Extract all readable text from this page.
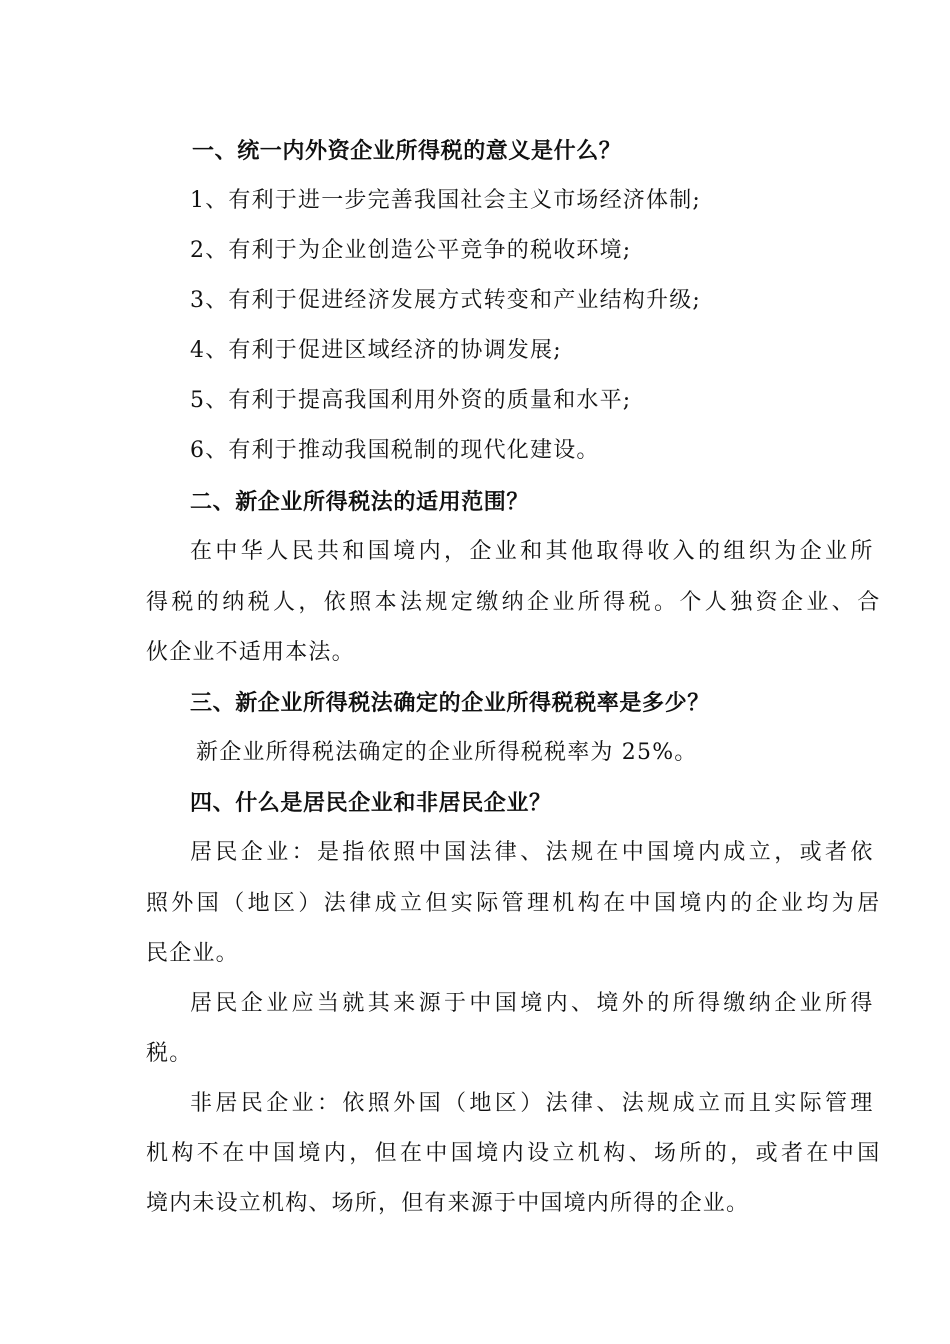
一、统一内外资企业所得税的意义是什么？
1、有利于进一步完善我国社会主义市场经济体制;
2、有利于为企业创造公平竞争的税收环境;
3、有利于促进经济发展方式转变和产业结构升级;
4、有利于促进区域经济的协调发展;
5、有利于提高我国利用外资的质量和水平;
6、有利于推动我国税制的现代化建设。
二、新企业所得税法的适用范围？
在中华人民共和国境内，企业和其他取得收入的组织为企业所
得税的纳税人，依照本法规定缴纳企业所得税。个人独资企业、合
伙企业不适用本法。
三、新企业所得税法确定的企业所得税税率是多少？
新企业所得税法确定的企业所得税税率为 25%。
四、什么是居民企业和非居民企业？
居民企业：是指依照中国法律、法规在中国境内成立，或者依
照外国（地区）法律成立但实际管理机构在中国境内的企业均为居
民企业。
居民企业应当就其来源于中国境内、境外的所得缴纳企业所得
税。
非居民企业：依照外国（地区）法律、法规成立而且实际管理
机构不在中国境内，但在中国境内设立机构、场所的，或者在中国
境内未设立机构、场所，但有来源于中国境内所得的企业。
